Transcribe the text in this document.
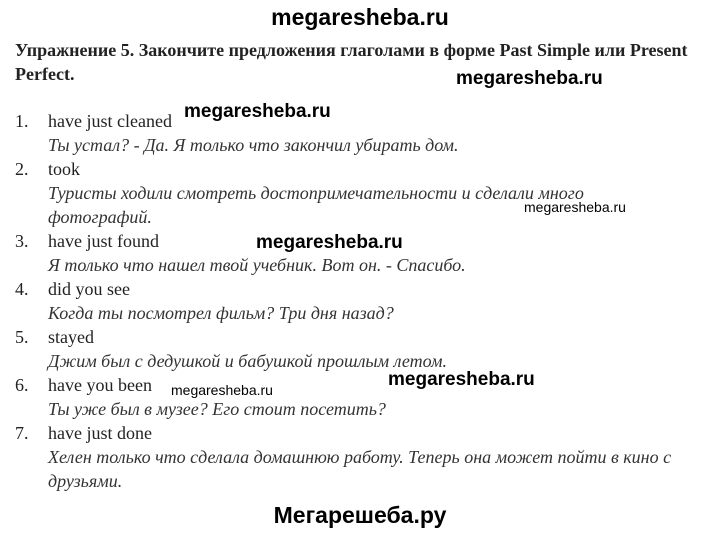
megaresheba.ru
Упражнение 5. Закончите предложения глаголами в форме Past Simple или Present Perfect.
1. have just cleaned
Ты устал? - Да. Я только что закончил убирать дом.
2. took
Туристы ходили смотреть достопримечательности и сделали много фотографий.
3. have just found
Я только что нашел твой учебник. Вот он. - Спасибо.
4. did you see
Когда ты посмотрел фильм? Три дня назад?
5. stayed
Джим был с дедушкой и бабушкой прошлым летом.
6. have you been
Ты уже был в музее? Его стоит посетить?
7. have just done
Хелен только что сделала домашнюю работу. Теперь она может пойти в кино с друзьями.
megaresheba.ru
megaresheba.ru
megaresheba.ru
megaresheba.ru
megaresheba.ru
megaresheba.ru
Мегарешеба.ру
